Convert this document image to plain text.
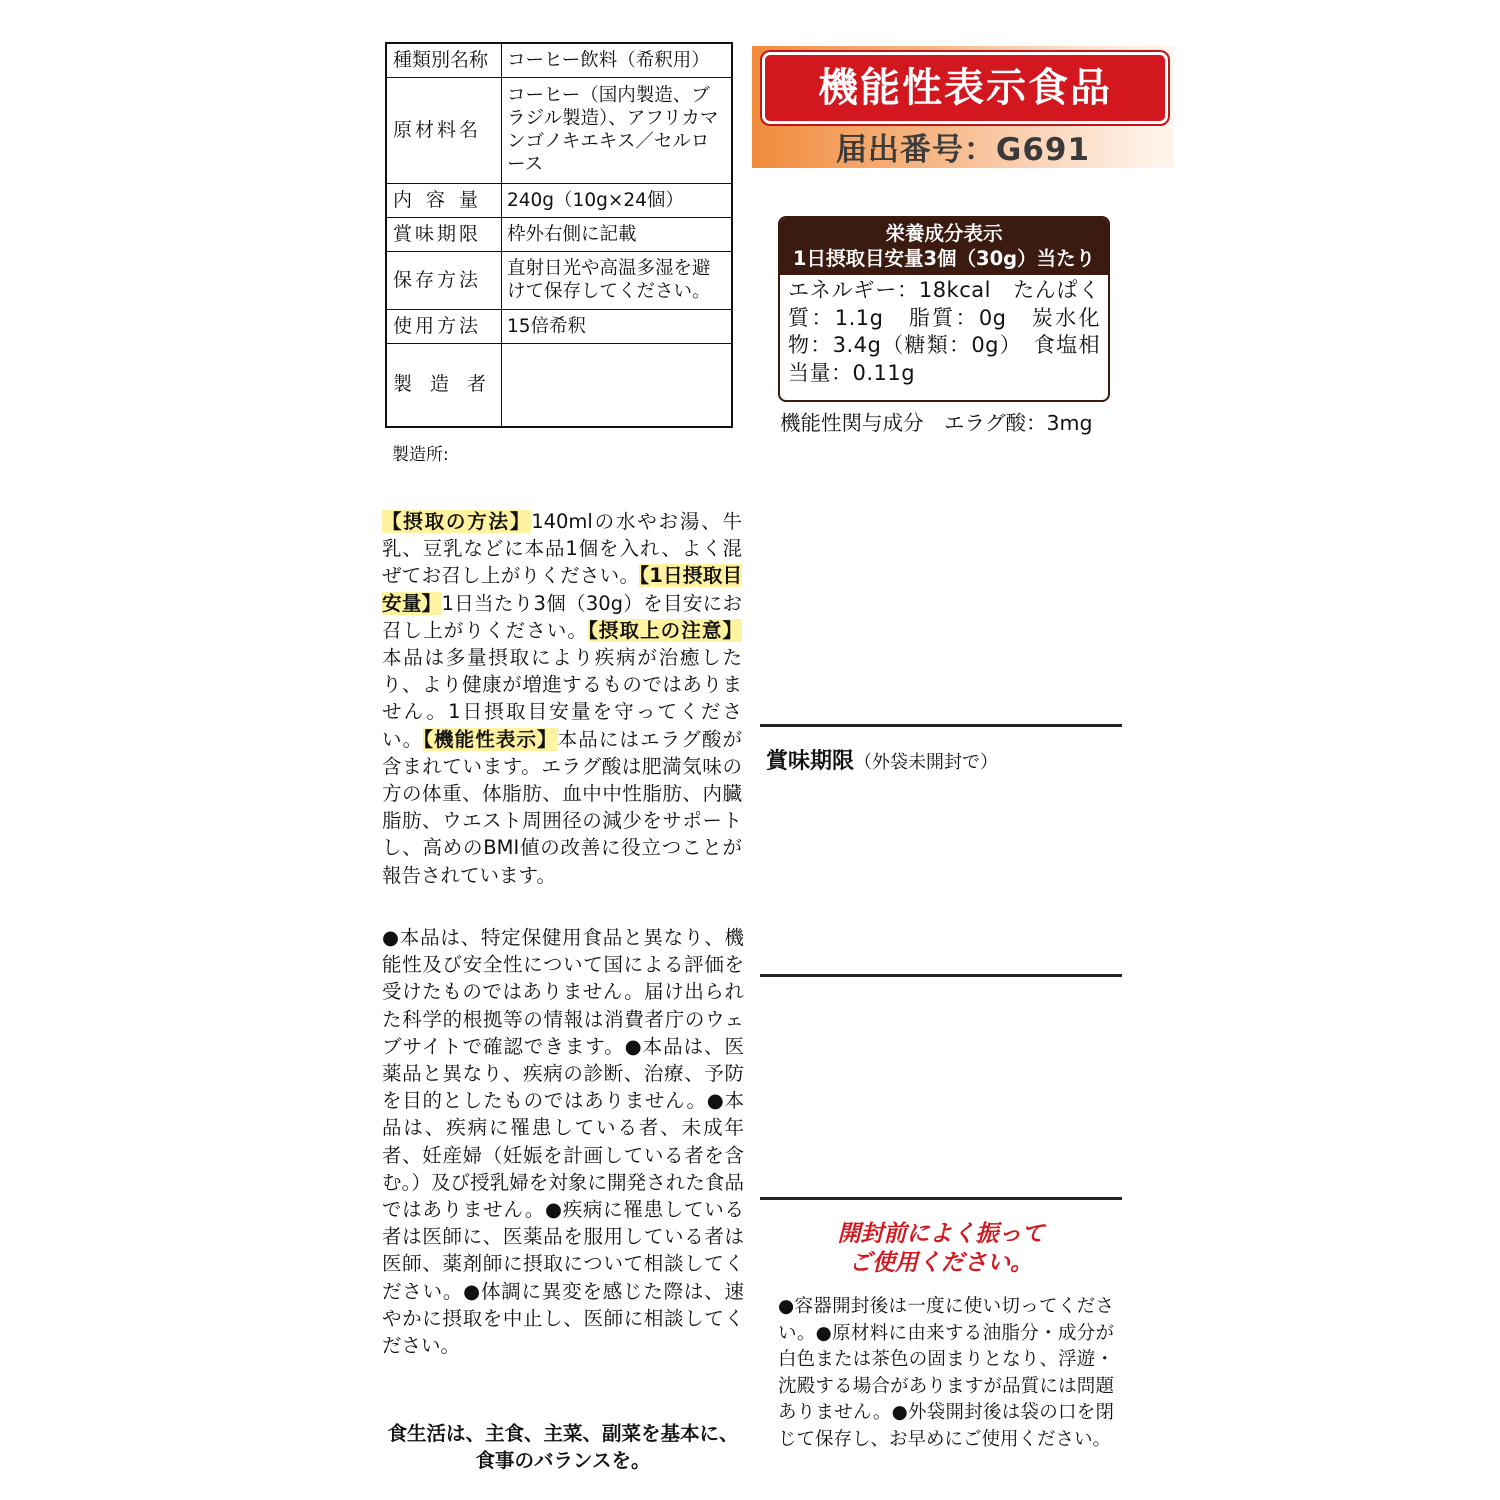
種類別名称	コーヒー飲料（希釈用）
原材料名	コーヒー（国内製造、ブラジル製造）、アフリカマンゴノキエキス／セルロース
内容量	240g（10g×24個）
賞味期限	枠外右側に記載
保存方法	直射日光や高温多湿を避けて保存してください。
使用方法	15倍希釈
製造者	
製造所:
【摂取の方法】140mlの水やお湯、牛乳、豆乳などに本品1個を入れ、よく混ぜてお召し上がりください。【1日摂取目安量】1日当たり3個（30g）を目安にお召し上がりください。【摂取上の注意】本品は多量摂取により疾病が治癒したり、より健康が増進するものではありません。1日摂取目安量を守ってください。【機能性表示】本品にはエラグ酸が含まれています。エラグ酸は肥満気味の方の体重、体脂肪、血中中性脂肪、内臓脂肪、ウエスト周囲径の減少をサポートし、高めのBMI値の改善に役立つことが報告されています。
●本品は、特定保健用食品と異なり、機能性及び安全性について国による評価を受けたものではありません。届け出られた科学的根拠等の情報は消費者庁のウェブサイトで確認できます。●本品は、医薬品と異なり、疾病の診断、治療、予防を目的としたものではありません。●本品は、疾病に罹患している者、未成年者、妊産婦（妊娠を計画している者を含む。）及び授乳婦を対象に開発された食品ではありません。●疾病に罹患している者は医師に、医薬品を服用している者は医師、薬剤師に摂取について相談してください。●体調に異変を感じた際は、速やかに摂取を中止し、医師に相談してください。
食生活は、主食、主菜、副菜を基本に、
食事のバランスを。
機能性表示食品
届出番号：G691
栄養成分表示
1日摂取目安量3個（30g）当たり
エネルギー：18kcal　たんぱく質：1.1g　脂質：0g　炭水化物：3.4g（糖類：0g）　食塩相当量：0.11g
機能性関与成分　エラグ酸：3mg
賞味期限（外袋未開封で）
開封前によく振って
ご使用ください。
●容器開封後は一度に使い切ってください。●原材料に由来する油脂分・成分が白色または茶色の固まりとなり、浮遊・沈殿する場合がありますが品質には問題ありません。●外袋開封後は袋の口を閉じて保存し、お早めにご使用ください。
